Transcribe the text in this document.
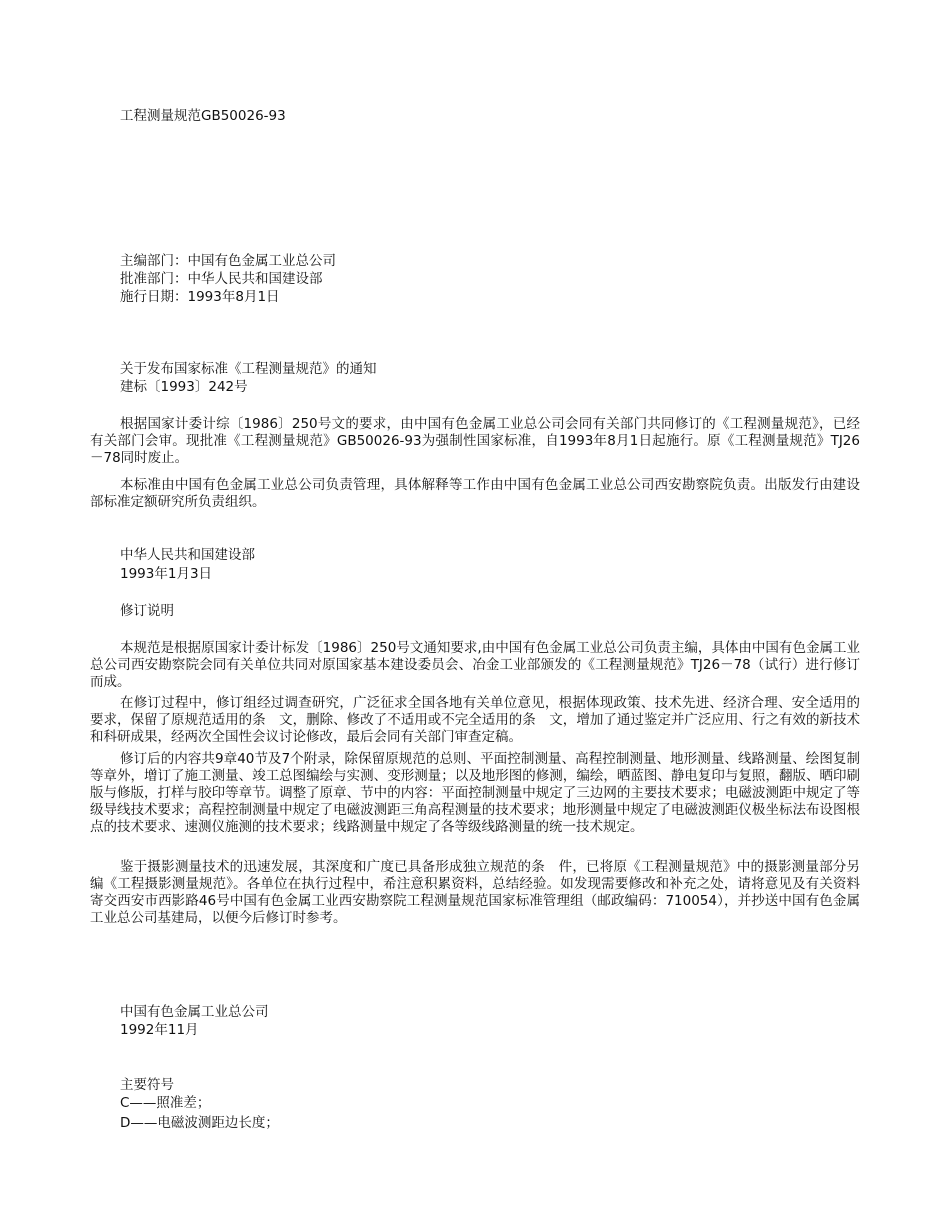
工程测量规范GB50026-93
主编部门：中国有色金属工业总公司
批准部门：中华人民共和国建设部
施行日期：1993年8月1日
关于发布国家标准《工程测量规范》的通知
建标〔1993〕242号
根据国家计委计综〔1986〕250号文的要求，由中国有色金属工业总公司会同有关部门共同修订的《工程测量规范》，已经有关部门会审。现批准《工程测量规范》GB50026-93为强制性国家标准，自1993年8月1日起施行。原《工程测量规范》TJ26－78同时废止。
本标准由中国有色金属工业总公司负责管理，具体解释等工作由中国有色金属工业总公司西安勘察院负责。出版发行由建设部标准定额研究所负责组织。
中华人民共和国建设部
1993年1月3日
修订说明
本规范是根据原国家计委计标发〔1986〕250号文通知要求,由中国有色金属工业总公司负责主编，具体由中国有色金属工业总公司西安勘察院会同有关单位共同对原国家基本建设委员会、冶金工业部颁发的《工程测量规范》TJ26－78（试行）进行修订而成。
在修订过程中，修订组经过调查研究，广泛征求全国各地有关单位意见，根据体现政策、技术先进、经济合理、安全适用的要求，保留了原规范适用的条　文，删除、修改了不适用或不完全适用的条　文，增加了通过鉴定并广泛应用、行之有效的新技术和科研成果，经两次全国性会议讨论修改，最后会同有关部门审查定稿。
修订后的内容共9章40节及7个附录，除保留原规范的总则、平面控制测量、高程控制测量、地形测量、线路测量、绘图复制等章外，增订了施工测量、竣工总图编绘与实测、变形测量；以及地形图的修测，编绘，晒蓝图、静电复印与复照，翻版、晒印刷版与修版，打样与胶印等章节。调整了原章、节中的内容：平面控制测量中规定了三边网的主要技术要求；电磁波测距中规定了等级导线技术要求；高程控制测量中规定了电磁波测距三角高程测量的技术要求；地形测量中规定了电磁波测距仪极坐标法布设图根点的技术要求、速测仪施测的技术要求；线路测量中规定了各等级线路测量的统一技术规定。
鉴于摄影测量技术的迅速发展，其深度和广度已具备形成独立规范的条　件，已将原《工程测量规范》中的摄影测量部分另编《工程摄影测量规范》。各单位在执行过程中，希注意积累资料，总结经验。如发现需要修改和补充之处，请将意见及有关资料寄交西安市西影路46号中国有色金属工业西安勘察院工程测量规范国家标准管理组（邮政编码：710054），并抄送中国有色金属工业总公司基建局，以便今后修订时参考。
中国有色金属工业总公司
1992年11月
主要符号
C——照准差；
D——电磁波测距边长度；
